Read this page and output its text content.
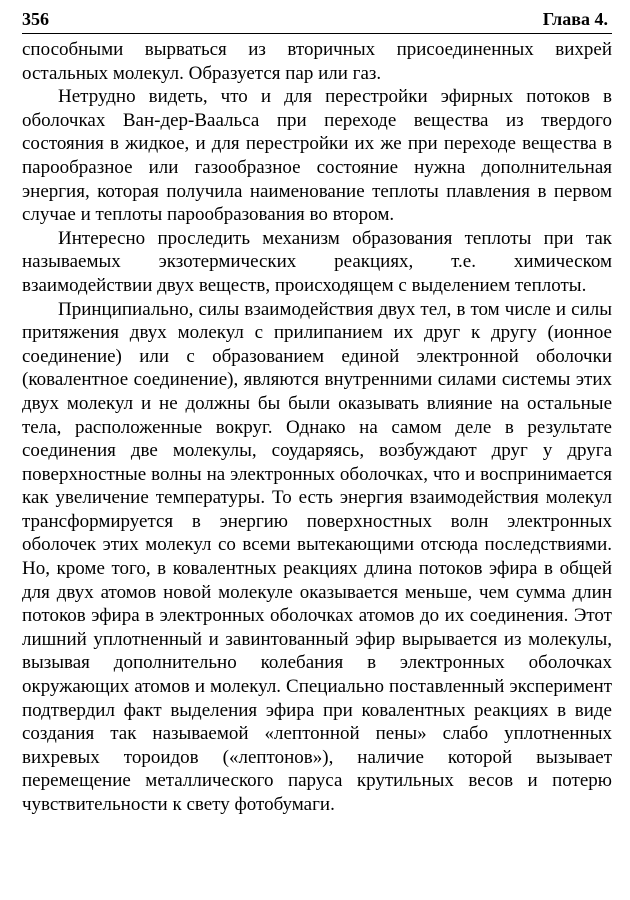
356	Глава 4.

способными вырваться из вторичных присоединенных вихрей остальных молекул. Образуется пар или газ.

Нетрудно видеть, что и для перестройки эфирных потоков в оболочках Ван-дер-Ваальса при переходе вещества из твердого состояния в жидкое, и для перестройки их же при переходе вещества в парообразное или газообразное состояние нужна дополнительная энергия, которая получила наименование теплоты плавления в первом случае и теплоты парообразования во втором.

Интересно проследить механизм образования теплоты при так называемых экзотермических реакциях, т.е. химическом взаимодействии двух веществ, происходящем с выделением теплоты.

Принципиально, силы взаимодействия двух тел, в том числе и силы притяжения двух молекул с прилипанием их друг к другу (ионное соединение) или с образованием единой электронной оболочки (ковалентное соединение), являются внутренними силами системы этих двух молекул и не должны бы были оказывать влияние на остальные тела, расположенные вокруг. Однако на самом деле в результате соединения две молекулы, соударяясь, возбуждают друг у друга поверхностные волны на электронных оболочках, что и воспринимается как увеличение температуры. То есть энергия взаимодействия молекул трансформируется в энергию поверхностных волн электронных оболочек этих молекул со всеми вытекающими отсюда последствиями. Но, кроме того, в ковалентных реакциях длина потоков эфира в общей для двух атомов новой молекуле оказывается меньше, чем сумма длин потоков эфира в электронных оболочках атомов до их соединения. Этот лишний уплотненный и завинтованный эфир вырывается из молекулы, вызывая дополнительно колебания в электронных оболочках окружающих атомов и молекул. Специально поставленный эксперимент подтвердил факт выделения эфира при ковалентных реакциях в виде создания так называемой «лептонной пены» слабо уплотненных вихревых тороидов («лептонов»), наличие которой вызывает перемещение металлического паруса крутильных весов и потерю чувствительности к свету фотобумаги.
